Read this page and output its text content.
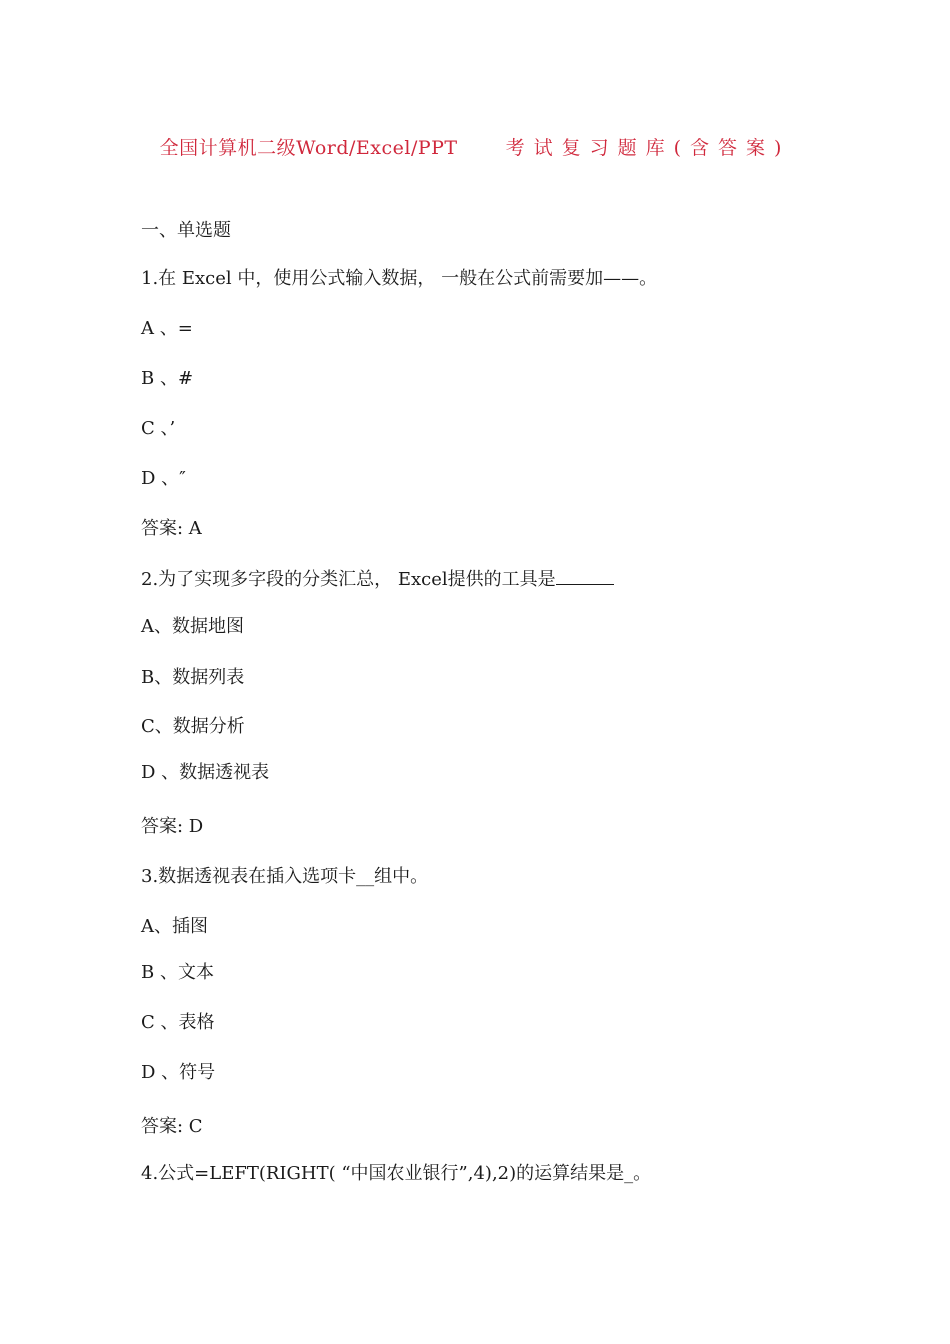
全国计算机二级Word/Excel/PPT	考试复习题库(含答案)
一、单选题
1.在 Excel 中，使用公式输入数据， 一般在公式前需要加——。
A 、=
B 、#
C 、’
D 、″
答案: A
2.为了实现多字段的分类汇总， Excel提供的工具是
A、数据地图
B、数据列表
C、数据分析
D 、数据透视表
答案: D
3.数据透视表在插入选项卡__组中。
A、插图
B 、文本
C 、表格
D 、符号
答案: C
4.公式=LEFT(RIGHT( “中国农业银行”,4),2)的运算结果是_。
